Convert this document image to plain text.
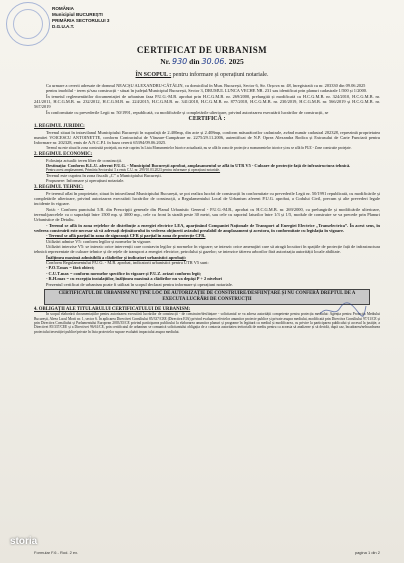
ROMÂNIA
Municipiul BUCUREȘTI
PRIMĂRIA SECTORULUI 3
D.G.U.A.T.
CERTIFICAT DE URBANISM
Nr. 930 din 30.06. 2025
ÎN SCOPUL : pentru informare și operațiuni notariale.

Ca urmare a cererii adresate de domnul NEACȘU ALEXANDRU-CĂTĂLIN, cu domiciliul în Mun. București, Sector 6, Str. Orșova nr. 48, înregistrată cu nr. 203330 din 09.06.2025

pentru imobilul - teren și/sau construcții - situat în județul/Municipiul București, Sector 3, DRUMUL LUNCA VECHE NR. 231 sau identificat prin planuri cadastrale 1/500 și 1/2000.

În temeiul reglementărilor documentației de urbanism faza P.U.G.-M.B. aprobat prin H.C.G.M.B. nr. 269/2000, prelungită și modificată cu H.C.G.M.B. nr. 324/2010, H.C.G.M.B. nr. 241/2011, H.C.G.M.B. nr. 232/2012, H.C.G.M.B. nr. 224/2015, H.C.G.M.B. nr. 341/2018, H.C.G.M.B. nr. 877/2018, H.C.G.M.B. nr. 230/2019, H.C.G.M.B. nr. 566/2019 și H.C.G.M.B. nr. 567/2019

În conformitate cu prevederile Legii nr. 50/1991, republicată, cu modificările și completările ulterioare, privind autorizarea executării lucrărilor de construcții, se

CERTIFICĂ :

1. REGIMUL JURIDIC:

Terenul situat în intravilanul Municipiului București în suprafață de 2.400mp, din acte și 2.408mp, conform măsurătorilor cadastrale, având număr cadastral 202328, reprezintă proprietatea numitei VOICESCU ANTOINETTE, conform Contractului de Vânzare-Cumpărare nr. 2275/29.11.2006, autentificat de N.P. Oprea Alexandra Rodica și Extrasului de Carte Funciară pentru Informare nr. 202328, emis de A.N.C.P.I. în baza cererii 65394/09.06.2025.

Terenul nu este situat în zona construită protejată, nu este cuprins în Lista Monumentelor Istorice actualizată, nu se află în zona de protecție a monumentelor istorice și nu se află în PUZ - Zone construite protejate.

2. REGIMUL ECONOMIC:

Folosința actuală: teren liber de construcții.

Destinația: Conform R.L.U. aferent P.U.G. - Municipiul București aprobat, amplasamentul se află în UTR V5 - Culoare de protecție față de infrastructura tehnică.

Pentru acest amplasament, Primăria Sectorului 3 a emis C.U. nr. 299/10.03.2023 pentru informare și operațiuni notariale.

Terenul este cuprins în zona fiscală „C” a Municipiului București.

Propunere: Informare și operațiuni notariale.

3. REGIMUL TEHNIC:

Pe terenul aflat în proprietate, situat în intravilanul Municipiului București, se pot realiza lucrări de construcții în conformitate cu prevederile Legii nr. 50/1991 republicată, cu modificările și completările ulterioare, privind autorizarea executării lucrărilor de construcții, a Regulamentului Local de Urbanism aferent P.U.G. aprobat, a Codului Civil, precum și alte prevederi legale incidente în vigoare.

Notă: - Conform punctului 5.B. din Prescripții generale din Planul Urbanistic General - P.U.G.-M.B., aprobat cu H.C.G.M.B. nr. 269/2000, cu prelungirile și modificările ulterioare, terenul/parcelele cu o suprafață între 1500 mp. și 3000 mp., cele cu front la stradă peste 30 metri, sau cele cu raportul laturilor între 1/3 și 1/5, module de construire se va precede prin Planuri Urbanistice de Detaliu.

- Terenul se află în zona rețelelor de distribuție a energiei electrice LEA, aparținând Companiei Naționale de Transport al Energiei Electrice „Transelectrica”. În acest sens, în vederea construirii este necesar să vă adresați deținătorului în vederea obținerii avizului prealabil de amplasament și acestora, în conformitate cu legislația în vigoare.

- Terenul se află parțial în zona de siguranță CFR și parțial în zona de protecție CFR.

Utilizări admise V5: conform legilor și normelor în vigoare.

Utilizări interzise V5: se interzic orice intervenții care contravin legilor și normelor în vigoare; se interzic orice amenajări care să atragă locuitori în spațiile de protecție față de infrastructura tehnică reprezentate de culoare tehnice și de rețele de transport a energiei electrice, petrolului și gazelor; se interzice tăierea arborilor fără autorizația autorității locale abilitate.

Înălțimea maximă admisibilă a clădirilor și indicatori urbanistici aprobați:

Conform Regulamentului P.U.G. - M.B. aprobat, indicatorii urbanistici pentru UTR V5 sunt:

- P.O.T.max = fără obiect;

- C.U.T.max = conform normelor specifice în vigoare și P.U.Z. avizat conform legii;

- R.H.max = cu excepția instalațiilor, înălțimea maximă a clădirilor nu va depăși P + 2 niveluri

Prezentul certificat de urbanism poate fi utilizat în scopul declarat pentru informare și operațiuni notariale.

CERTIFICATUL DE URBANISM NU ȚINE LOC DE AUTORIZAȚIE DE CONSTRUIRE/DESFIINȚARE ȘI NU CONFERĂ DREPTUL DE A EXECUTA LUCRĂRI DE CONSTRUCȚII

4. OBLIGAȚII ALE TITULARULUI CERTIFICATULUI DE URBANISM:

În scopul elaborării documentațiilor pentru autorizarea executării lucrărilor de construcții - de construire/desființare - solicitantul se va adresa autorității competente pentru protecția mediului: Agenția pentru Protecția Mediului București, Aleea Lacul Morii nr. 1, sector 6. În aplicarea Directivei Consiliului 85/337/CEE (Directiva EIA) privind evaluarea efectelor anumitor proiecte publice și private asupra mediului, modificată prin Directiva Consiliului 97/11/CE și prin Directiva Consiliului și Parlamentului European 2003/35/CE privind participarea publicului la elaborarea anumitor planuri și programe în legătură cu mediul și modificarea, cu privire la participarea publicului și accesul la justiție, a Directivei 85/337/CEE și a Directivei 96/61/CE, prin certificatul de urbanism se comunică solicitantului obligația de a contacta autoritatea teritorială de mediu pentru ca aceasta să analizeze și să decidă, după caz, încadrarea/neîncadrarea proiectului investiției publice/private în lista proiectelor supuse evaluării impactului asupra mediului.

Formular F.6 - Rod. 2 ex.	pagina 1 din 2
storia
